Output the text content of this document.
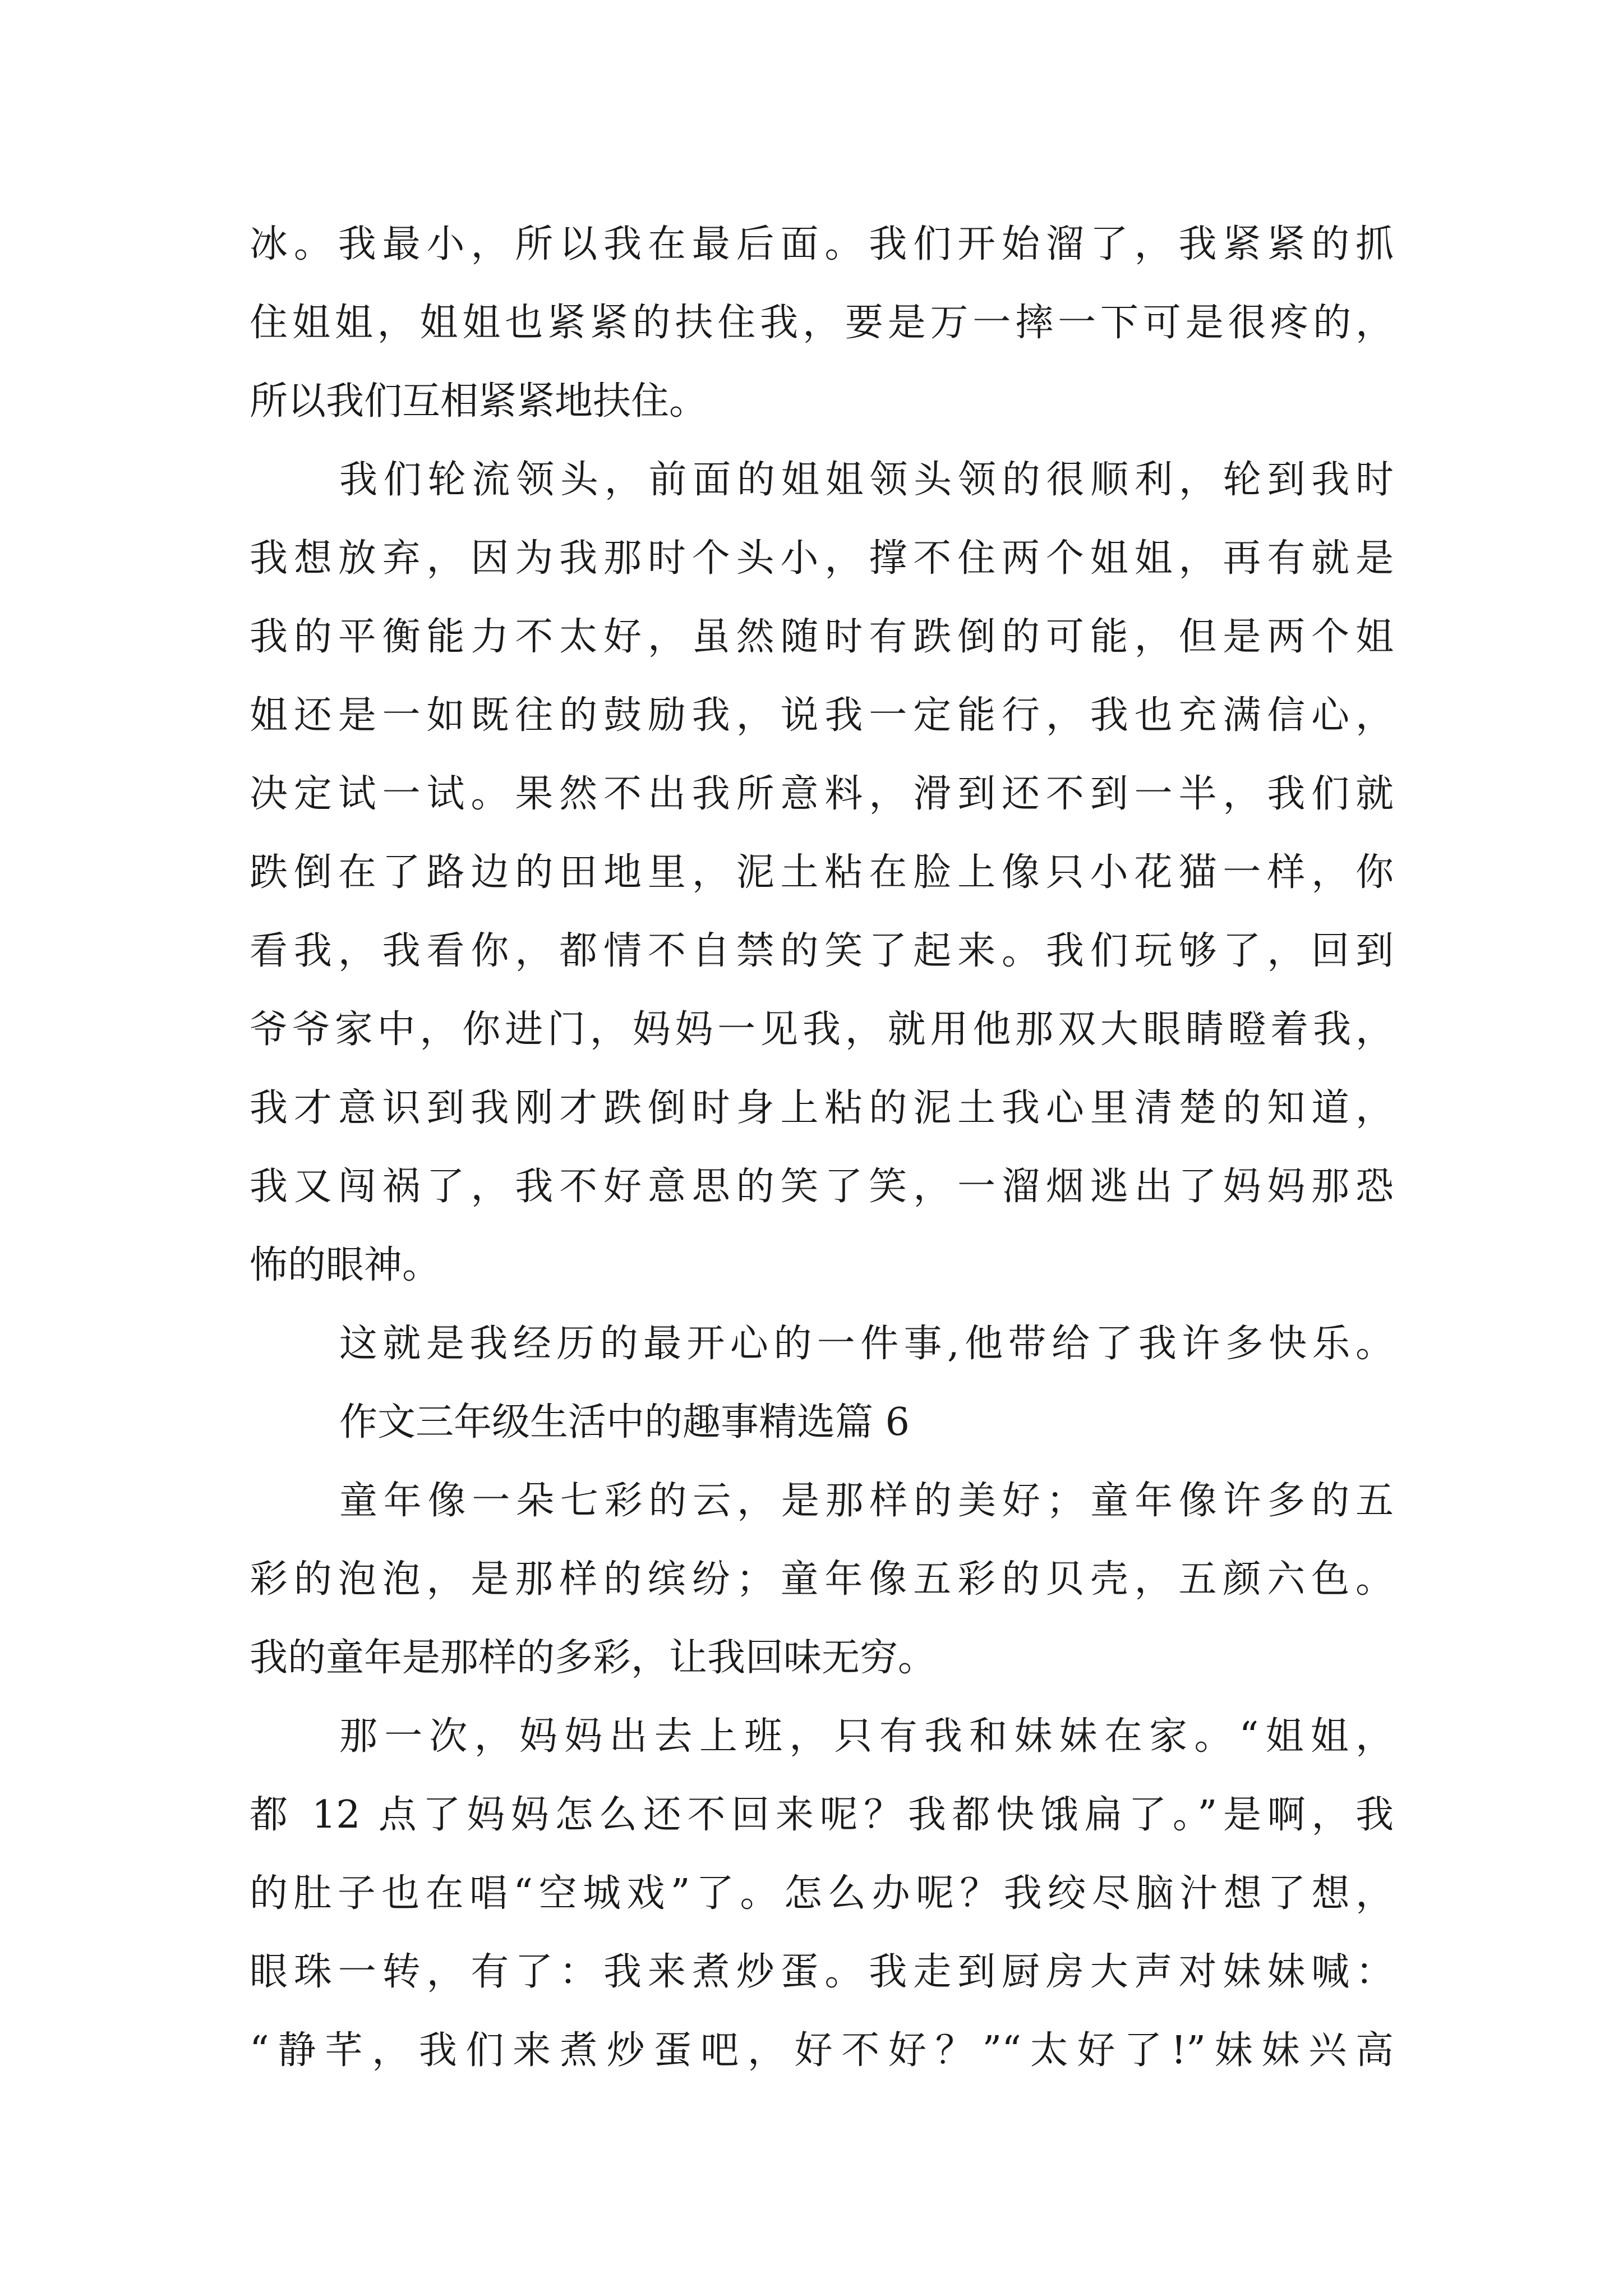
冰。我最小，所以我在最后面。我们开始溜了，我紧紧的抓
住姐姐，姐姐也紧紧的扶住我，要是万一摔一下可是很疼的，
所以我们互相紧紧地扶住。
我们轮流领头，前面的姐姐领头领的很顺利，轮到我时
我想放弃，因为我那时个头小，撑不住两个姐姐，再有就是
我的平衡能力不太好，虽然随时有跌倒的可能，但是两个姐
姐还是一如既往的鼓励我，说我一定能行，我也充满信心，
决定试一试。果然不出我所意料，滑到还不到一半，我们就
跌倒在了路边的田地里，泥土粘在脸上像只小花猫一样，你
看我，我看你，都情不自禁的笑了起来。我们玩够了，回到
爷爷家中，你进门，妈妈一见我，就用他那双大眼睛瞪着我，
我才意识到我刚才跌倒时身上粘的泥土我心里清楚的知道，
我又闯祸了，我不好意思的笑了笑，一溜烟逃出了妈妈那恐
怖的眼神。
这就是我经历的最开心的一件事,他带给了我许多快乐。
作文三年级生活中的趣事精选篇 6
童年像一朵七彩的云，是那样的美好；童年像许多的五
彩的泡泡，是那样的缤纷；童年像五彩的贝壳，五颜六色。
我的童年是那样的多彩，让我回味无穷。
那一次，妈妈出去上班，只有我和妹妹在家。“姐姐，
都 12 点了妈妈怎么还不回来呢？我都快饿扁了。”是啊，我
的肚子也在唱“空城戏”了。怎么办呢？我绞尽脑汁想了想，
眼珠一转，有了：我来煮炒蛋。我走到厨房大声对妹妹喊：
“静芊，我们来煮炒蛋吧，好不好？”“太好了!”妹妹兴高
